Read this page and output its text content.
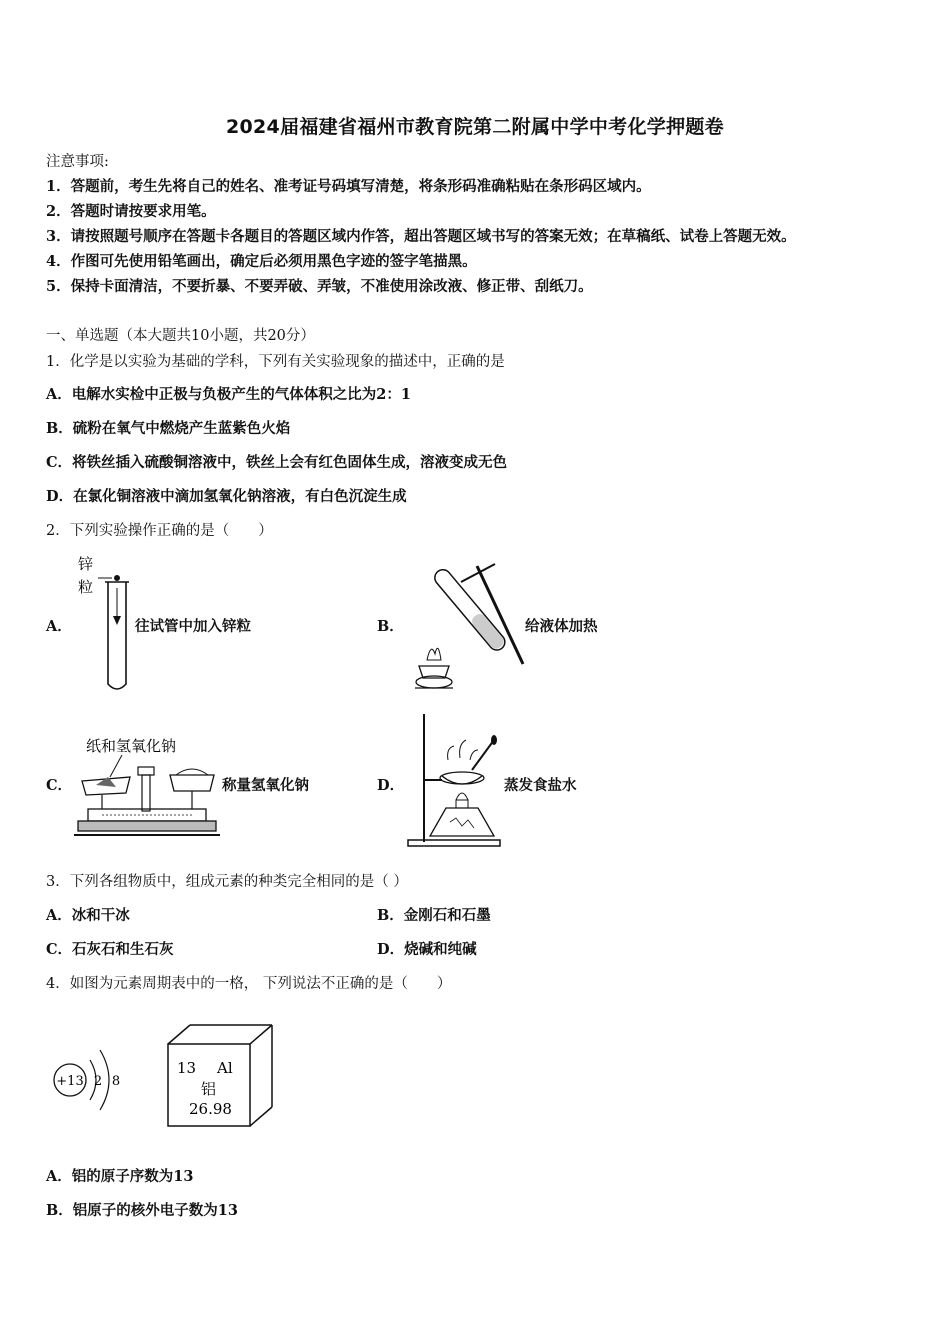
2024届福建省福州市教育院第二附属中学中考化学押题卷
注意事项:
1．答题前，考生先将自己的姓名、准考证号码填写清楚，将条形码准确粘贴在条形码区域内。
2．答题时请按要求用笔。
3．请按照题号顺序在答题卡各题目的答题区域内作答，超出答题区域书写的答案无效；在草稿纸、试卷上答题无效。
4．作图可先使用铅笔画出，确定后必须用黑色字迹的签字笔描黑。
5．保持卡面清洁，不要折暴、不要弄破、弄皱，不准使用涂改液、修正带、刮纸刀。
一、单选题（本大题共10小题，共20分）
1．化学是以实验为基础的学科，下列有关实验现象的描述中，正确的是
A．电解水实检中正极与负极产生的气体体积之比为2：1
B．硫粉在氧气中燃烧产生蓝紫色火焰
C．将铁丝插入硫酸铜溶液中，铁丝上会有红色固体生成，溶液变成无色
D．在氯化铜溶液中滴加氢氧化钠溶液，有白色沉淀生成
2．下列实验操作正确的是（　　）
A．
锌
粒
往试管中加入锌粒	B．	给液体加热
C．
纸和氢氧化钠
称量氢氧化钠	D．	蒸发食盐水
3．下列各组物质中，组成元素的种类完全相同的是（ ）
A．冰和干冰	B．金刚石和石墨
C．石灰石和生石灰	D．烧碱和纯碱
4．如图为元素周期表中的一格， 下列说法不正确的是（　　）
+13 2 8
13 Al
铝
26.98
A．铝的原子序数为13
B．铝原子的核外电子数为13
